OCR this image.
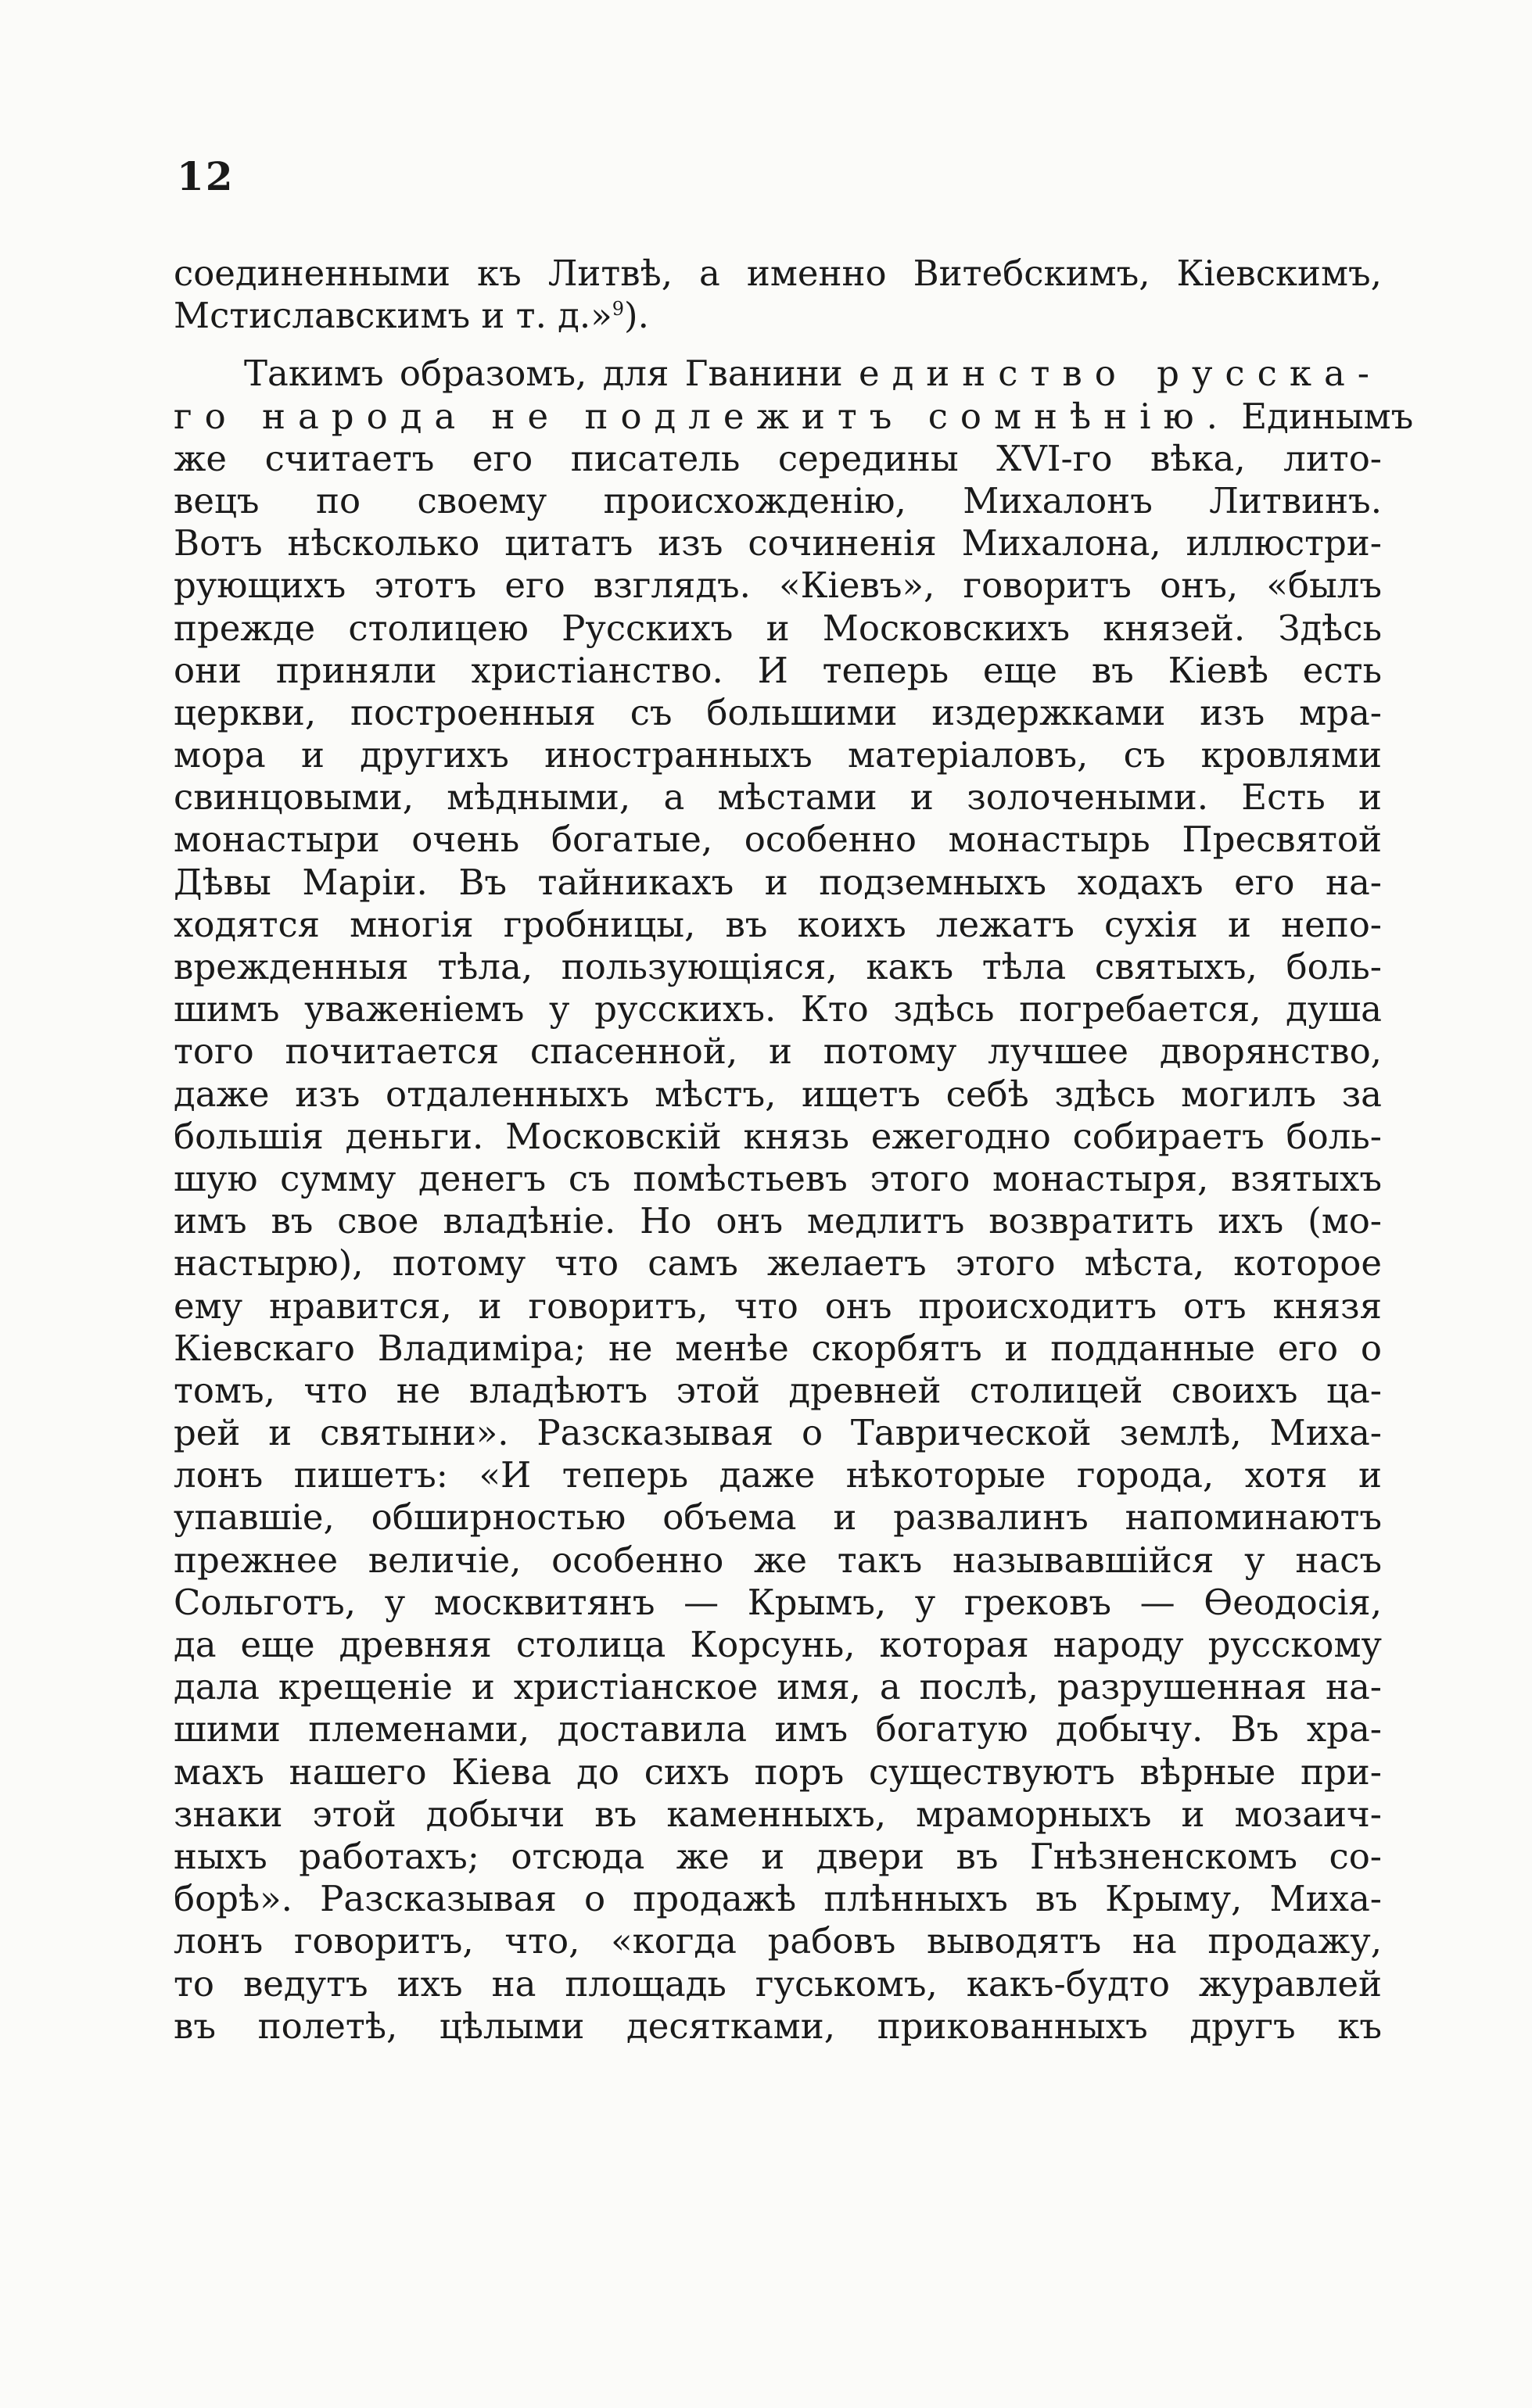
12
соединенными къ Литвѣ, а именно Витебскимъ, Кіевскимъ,
Мстиславскимъ и т. д.»$^9$).
Такимъ образомъ, для Гванини единство русска-
го народа не подлежитъ сомнѣнію. Единымъ
же считаетъ его писатель середины XVI-го вѣка, лито-
вецъ по своему происхожденію, Михалонъ Литвинъ.
Вотъ нѣсколько цитатъ изъ сочиненія Михалона, иллюстри-
рующихъ этотъ его взглядъ. «Кіевъ», говоритъ онъ, «былъ
прежде столицею Русскихъ и Московскихъ князей. Здѣсь
они приняли христіанство. И теперь еще въ Кіевѣ есть
церкви, построенныя съ большими издержками изъ мра-
мора и другихъ иностранныхъ матеріаловъ, съ кровлями
свинцовыми, мѣдными, а мѣстами и золочеными. Есть и
монастыри очень богатые, особенно монастырь Пресвятой
Дѣвы Маріи. Въ тайникахъ и подземныхъ ходахъ его на-
ходятся многія гробницы, въ коихъ лежатъ сухія и непо-
врежденныя тѣла, пользующіяся, какъ тѣла святыхъ, боль-
шимъ уваженіемъ у русскихъ. Кто здѣсь погребается, душа
того почитается спасенной, и потому лучшее дворянство,
даже изъ отдаленныхъ мѣстъ, ищетъ себѣ здѣсь могилъ за
большія деньги. Московскій князь ежегодно собираетъ боль-
шую сумму денегъ съ помѣстьевъ этого монастыря, взятыхъ
имъ въ свое владѣніе. Но онъ медлитъ возвратить ихъ (мо-
настырю), потому что самъ желаетъ этого мѣста, которое
ему нравится, и говоритъ, что онъ происходитъ отъ князя
Кіевскаго Владиміра; не менѣе скорбятъ и подданные его о
томъ, что не владѣютъ этой древней столицей своихъ ца-
рей и святыни». Разсказывая о Таврической землѣ, Миха-
лонъ пишетъ: «И теперь даже нѣкоторые города, хотя и
упавшіе, обширностью объема и развалинъ напоминаютъ
прежнее величіе, особенно же такъ называвшійся у насъ
Сольготъ, у москвитянъ — Крымъ, у грековъ — Ѳеодосія,
да еще древняя столица Корсунь, которая народу русскому
дала крещеніе и христіанское имя, а послѣ, разрушенная на-
шими племенами, доставила имъ богатую добычу. Въ хра-
махъ нашего Кіева до сихъ поръ существуютъ вѣрные при-
знаки этой добычи въ каменныхъ, мраморныхъ и мозаич-
ныхъ работахъ; отсюда же и двери въ Гнѣзненскомъ со-
борѣ». Разсказывая о продажѣ плѣнныхъ въ Крыму, Миха-
лонъ говоритъ, что, «когда рабовъ выводятъ на продажу,
то ведутъ ихъ на площадь гуськомъ, какъ-будто журавлей
въ полетѣ, цѣлыми десятками, прикованныхъ другъ къ
